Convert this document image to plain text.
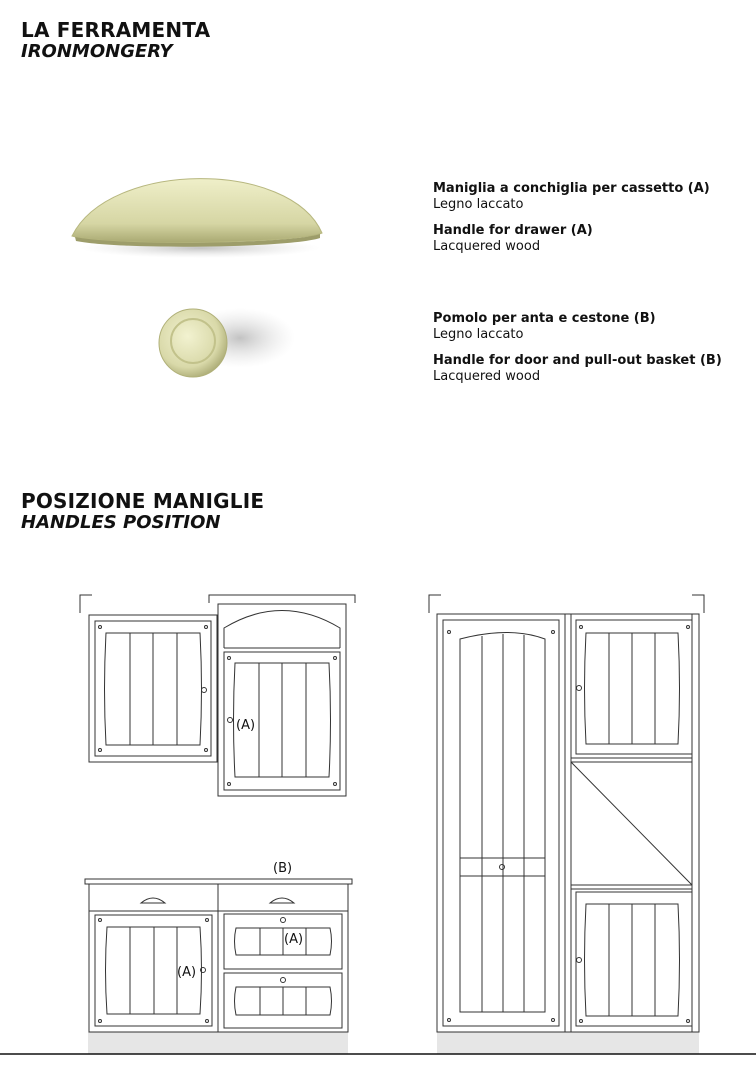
LA FERRAMENTA
IRONMONGERY
Maniglia a conchiglia per cassetto (A)
Legno laccato
Handle for drawer (A)
Lacquered wood
Pomolo per anta e cestone (B)
Legno laccato
Handle for door and pull-out basket (B)
Lacquered wood
POSIZIONE MANIGLIE
HANDLES POSITION
(A)
(B)
(A)
(A)
